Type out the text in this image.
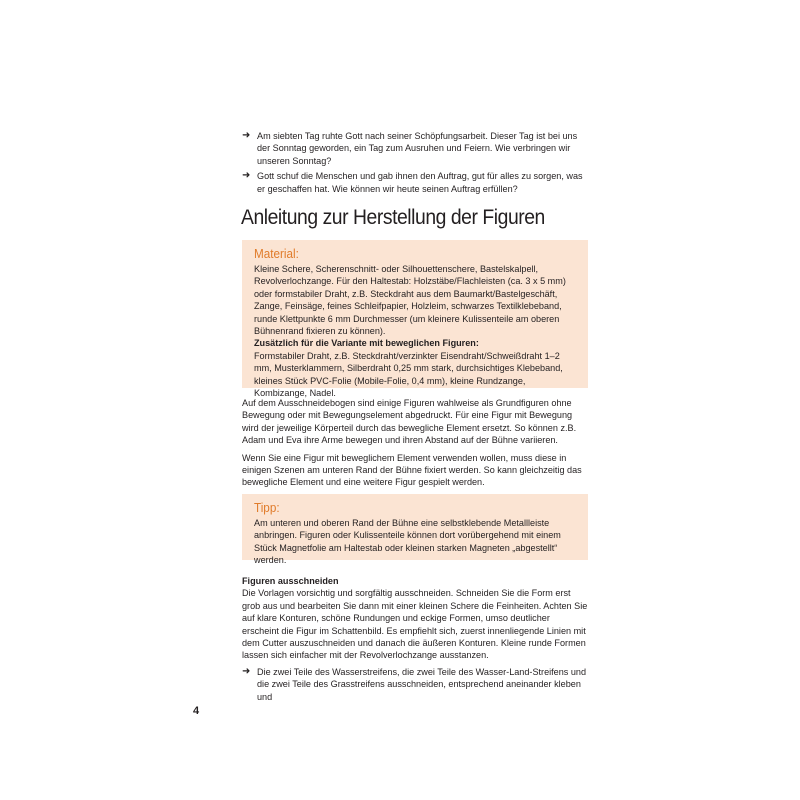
➜ Am siebten Tag ruhte Gott nach seiner Schöpfungsarbeit. Dieser Tag ist bei uns der Sonntag geworden, ein Tag zum Ausruhen und Feiern. Wie verbringen wir unseren Sonntag?
➜ Gott schuf die Menschen und gab ihnen den Auftrag, gut für alles zu sorgen, was er geschaffen hat. Wie können wir heute seinen Auftrag erfüllen?
Anleitung zur Herstellung der Figuren
Material:

Kleine Schere, Scherenschnitt- oder Silhouettenschere, Bastelskalpell, Revolverlochzange. Für den Haltestab: Holzstäbe/Flachleisten (ca. 3 x 5 mm) oder formstabiler Draht, z.B. Steckdraht aus dem Baumarkt/Bastelgeschäft, Zange, Feinsäge, feines Schleifpapier, Holzleim, schwarzes Textilklebeband, runde Klettpunkte 6 mm Durchmesser (um kleinere Kulissenteile am oberen Bühnenrand fixieren zu können).

Zusätzlich für die Variante mit beweglichen Figuren:

Formstabiler Draht, z.B. Steckdraht/verzinkter Eisendraht/Schweißdraht 1–2 mm, Musterklammern, Silberdraht 0,25 mm stark, durchsichtiges Klebeband, kleines Stück PVC-Folie (Mobile-Folie, 0,4 mm), kleine Rundzange, Kombizange, Nadel.

Auf dem Ausschneidebogen sind einige Figuren wahlweise als Grundfiguren ohne Bewegung oder mit Bewegungselement abgedruckt. Für eine Figur mit Bewegung wird der jeweilige Körperteil durch das bewegliche Element ersetzt. So können z.B. Adam und Eva ihre Arme bewegen und ihren Abstand auf der Bühne variieren.

Wenn Sie eine Figur mit beweglichem Element verwenden wollen, muss diese in einigen Szenen am unteren Rand der Bühne fixiert werden. So kann gleichzeitig das bewegliche Element und eine weitere Figur gespielt werden.

Tipp:

Am unteren und oberen Rand der Bühne eine selbstklebende Metallleiste anbringen. Figuren oder Kulissenteile können dort vorübergehend mit einem Stück Magnetfolie am Haltestab oder kleinen starken Magneten „abgestellt“ werden.

Figuren ausschneiden

Die Vorlagen vorsichtig und sorgfältig ausschneiden. Schneiden Sie die Form erst grob aus und bearbeiten Sie dann mit einer kleinen Schere die Feinheiten. Achten Sie auf klare Konturen, schöne Rundungen und eckige Formen, umso deutlicher erscheint die Figur im Schattenbild. Es empfiehlt sich, zuerst innenliegende Linien mit dem Cutter auszuschneiden und danach die äußeren Konturen. Kleine runde Formen lassen sich einfacher mit der Revolverlochzange ausstanzen.

➜ Die zwei Teile des Wasserstreifens, die zwei Teile des Wasser-Land-Streifens und die zwei Teile des Grasstreifens ausschneiden, entsprechend aneinander kleben und
4
